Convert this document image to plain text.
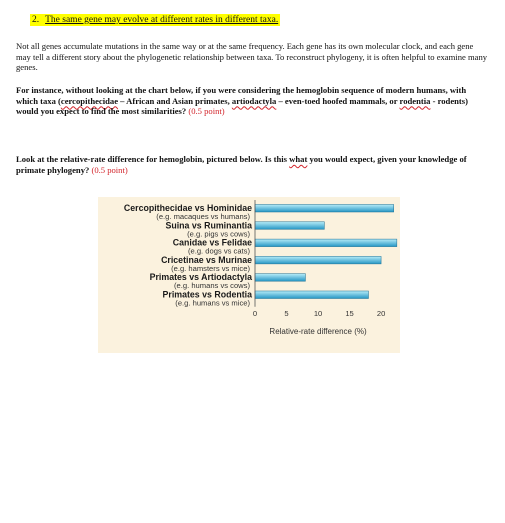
2. The same gene may evolve at different rates in different taxa.

Not all genes accumulate mutations in the same way or at the same frequency. Each gene has its own molecular clock, and each gene may tell a different story about the phylogenetic relationship between taxa. To reconstruct phylogeny, it is often helpful to examine many genes.

For instance, without looking at the chart below, if you were considering the hemoglobin sequence of modern humans, with which taxa (cercopithecidae – African and Asian primates, artiodactyla – even-toed hoofed mammals, or rodentia - rodents) would you expect to find the most similarities? (0.5 point)

Look at the relative-rate difference for hemoglobin, pictured below. Is this what you would expect, given your knowledge of primate phylogeny? (0.5 point)

Cercopithecidae vs Hominidae
(e.g. macaques vs humans)
Suina vs Ruminantia
(e.g. pigs vs cows)
Canidae vs Felidae
(e.g. dogs vs cats)
Cricetinae vs Murinae
(e.g. hamsters vs mice)
Primates vs Artiodactyla
(e.g. humans vs cows)
Primates vs Rodentia
(e.g. humans vs mice)
0	5	10	15	20
Relative-rate difference (%)
